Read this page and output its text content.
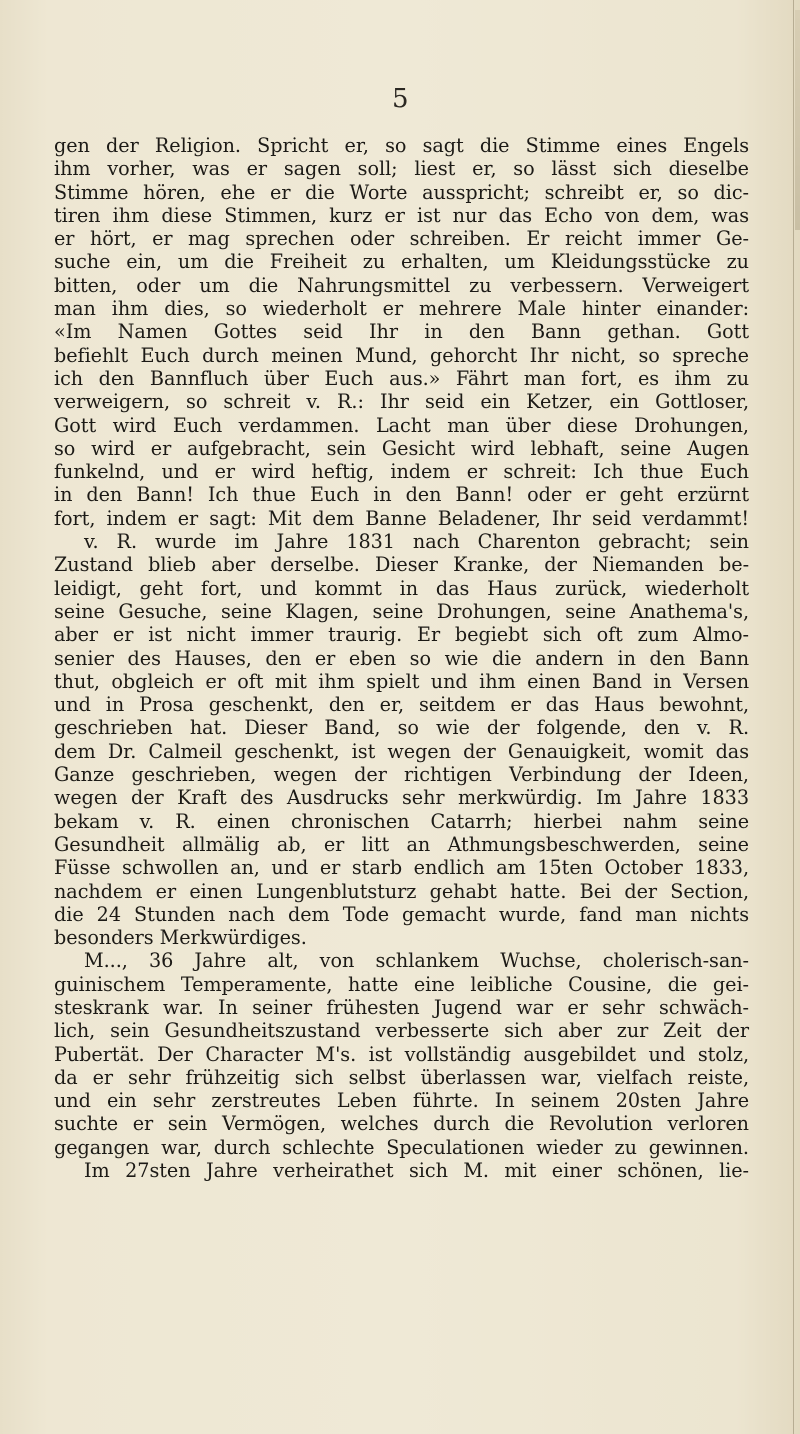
5
gen der Religion. Spricht er, so sagt die Stimme eines Engels
ihm vorher, was er sagen soll; liest er, so lässt sich dieselbe
Stimme hören, ehe er die Worte ausspricht; schreibt er, so dic-
tiren ihm diese Stimmen, kurz er ist nur das Echo von dem, was
er hört, er mag sprechen oder schreiben. Er reicht immer Ge-
suche ein, um die Freiheit zu erhalten, um Kleidungsstücke zu
bitten, oder um die Nahrungsmittel zu verbessern. Verweigert
man ihm dies, so wiederholt er mehrere Male hinter einander:
«Im Namen Gottes seid Ihr in den Bann gethan. Gott
befiehlt Euch durch meinen Mund, gehorcht Ihr nicht, so spreche
ich den Bannfluch über Euch aus.» Fährt man fort, es ihm zu
verweigern, so schreit v. R.: Ihr seid ein Ketzer, ein Gottloser,
Gott wird Euch verdammen. Lacht man über diese Drohungen,
so wird er aufgebracht, sein Gesicht wird lebhaft, seine Augen
funkelnd, und er wird heftig, indem er schreit: Ich thue Euch
in den Bann! Ich thue Euch in den Bann! oder er geht erzürnt
fort, indem er sagt: Mit dem Banne Beladener, Ihr seid verdammt!
v. R. wurde im Jahre 1831 nach Charenton gebracht; sein
Zustand blieb aber derselbe. Dieser Kranke, der Niemanden be-
leidigt, geht fort, und kommt in das Haus zurück, wiederholt
seine Gesuche, seine Klagen, seine Drohungen, seine Anathema's,
aber er ist nicht immer traurig. Er begiebt sich oft zum Almo-
senier des Hauses, den er eben so wie die andern in den Bann
thut, obgleich er oft mit ihm spielt und ihm einen Band in Versen
und in Prosa geschenkt, den er, seitdem er das Haus bewohnt,
geschrieben hat. Dieser Band, so wie der folgende, den v. R.
dem Dr. Calmeil geschenkt, ist wegen der Genauigkeit, womit das
Ganze geschrieben, wegen der richtigen Verbindung der Ideen,
wegen der Kraft des Ausdrucks sehr merkwürdig. Im Jahre 1833
bekam v. R. einen chronischen Catarrh; hierbei nahm seine
Gesundheit allmälig ab, er litt an Athmungsbeschwerden, seine
Füsse schwollen an, und er starb endlich am 15ten October 1833,
nachdem er einen Lungenblutsturz gehabt hatte. Bei der Section,
die 24 Stunden nach dem Tode gemacht wurde, fand man nichts
besonders Merkwürdiges.
M..., 36 Jahre alt, von schlankem Wuchse, cholerisch-san-
guinischem Temperamente, hatte eine leibliche Cousine, die gei-
steskrank war. In seiner frühesten Jugend war er sehr schwäch-
lich, sein Gesundheitszustand verbesserte sich aber zur Zeit der
Pubertät. Der Character M's. ist vollständig ausgebildet und stolz,
da er sehr frühzeitig sich selbst überlassen war, vielfach reiste,
und ein sehr zerstreutes Leben führte. In seinem 20sten Jahre
suchte er sein Vermögen, welches durch die Revolution verloren
gegangen war, durch schlechte Speculationen wieder zu gewinnen.
Im 27sten Jahre verheirathet sich M. mit einer schönen, lie-
